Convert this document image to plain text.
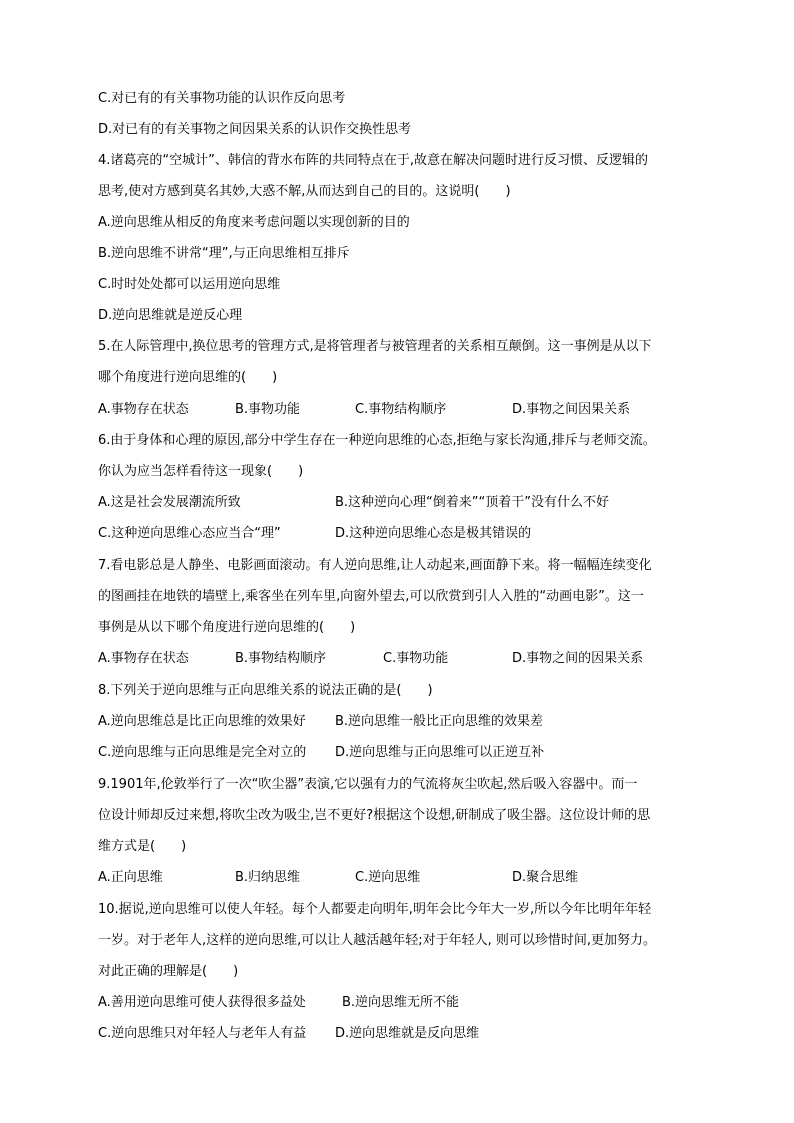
C.对已有的有关事物功能的认识作反向思考
D.对已有的有关事物之间因果关系的认识作交换性思考
4.诸葛亮的“空城计”、韩信的背水布阵的共同特点在于,故意在解决问题时进行反习惯、反逻辑的
思考,使对方感到莫名其妙,大惑不解,从而达到自己的目的。这说明(　　)
A.逆向思维从相反的角度来考虑问题以实现创新的目的
B.逆向思维不讲常“理”,与正向思维相互排斥
C.时时处处都可以运用逆向思维
D.逆向思维就是逆反心理
5.在人际管理中,换位思考的管理方式,是将管理者与被管理者的关系相互颠倒。这一事例是从以下
哪个角度进行逆向思维的(　　)
A.事物存在状态	B.事物功能	C.事物结构顺序	D.事物之间因果关系
6.由于身体和心理的原因,部分中学生存在一种逆向思维的心态,拒绝与家长沟通,排斥与老师交流。
你认为应当怎样看待这一现象(　　)
A.这是社会发展潮流所致	B.这种逆向心理“倒着来”“顶着干”没有什么不好
C.这种逆向思维心态应当合“理”	D.这种逆向思维心态是极其错误的
7.看电影总是人静坐、电影画面滚动。有人逆向思维,让人动起来,画面静下来。将一幅幅连续变化
的图画挂在地铁的墙壁上,乘客坐在列车里,向窗外望去,可以欣赏到引人入胜的“动画电影”。这一
事例是从以下哪个角度进行逆向思维的(　　)
A.事物存在状态	B.事物结构顺序	C.事物功能	D.事物之间的因果关系
8.下列关于逆向思维与正向思维关系的说法正确的是(　　)
A.逆向思维总是比正向思维的效果好 B.逆向思维一般比正向思维的效果差
C.逆向思维与正向思维是完全对立的 D.逆向思维与正向思维可以正逆互补
9.1901年,伦敦举行了一次“吹尘器”表演,它以强有力的气流将灰尘吹起,然后吸入容器中。而一
位设计师却反过来想,将吹尘改为吸尘,岂不更好?根据这个设想,研制成了吸尘器。这位设计师的思
维方式是(　　)
A.正向思维	B.归纳思维	C.逆向思维	D.聚合思维
10.据说,逆向思维可以使人年轻。每个人都要走向明年,明年会比今年大一岁,所以今年比明年年轻
一岁。对于老年人,这样的逆向思维,可以让人越活越年轻;对于年轻人, 则可以珍惜时间,更加努力。
对此正确的理解是(　　)
A.善用逆向思维可使人获得很多益处	B.逆向思维无所不能
C.逆向思维只对年轻人与老年人有益 D.逆向思维就是反向思维
